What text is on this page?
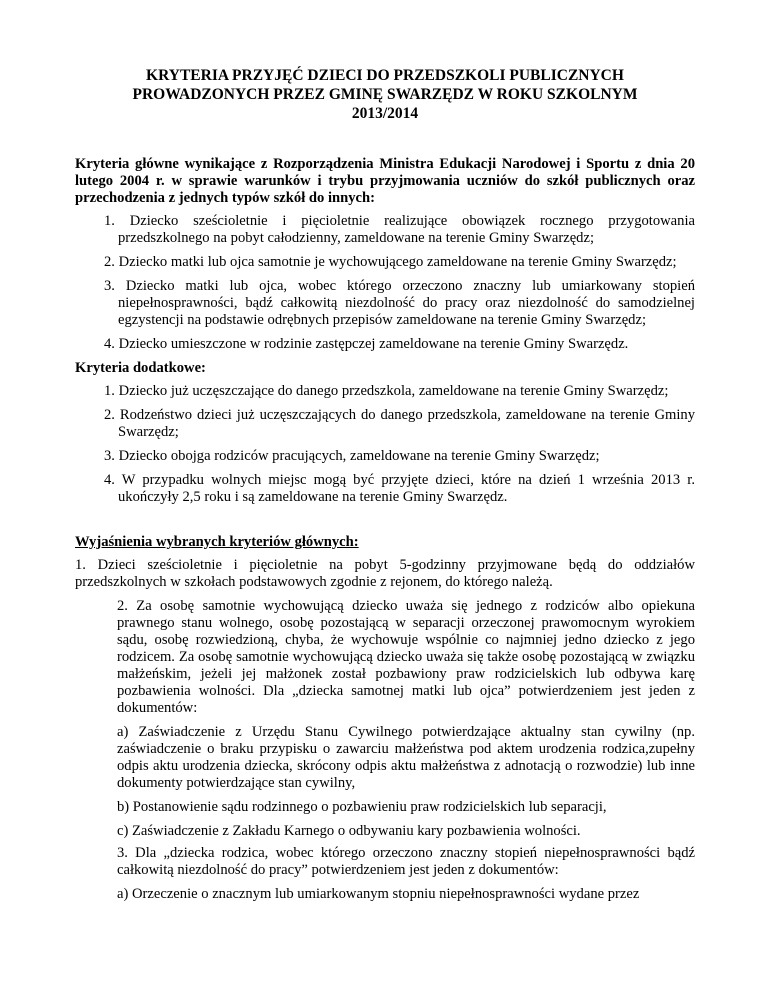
KRYTERIA PRZYJĘĆ DZIECI DO PRZEDSZKOLI PUBLICZNYCH
PROWADZONYCH PRZEZ GMINĘ SWARZĘDZ W ROKU SZKOLNYM
2013/2014
Kryteria główne wynikające z Rozporządzenia Ministra Edukacji Narodowej i Sportu z dnia 20 lutego 2004 r. w sprawie warunków i trybu przyjmowania uczniów do szkół publicznych oraz przechodzenia z jednych typów szkół do innych:
1. Dziecko sześcioletnie i pięcioletnie realizujące obowiązek rocznego przygotowania przedszkolnego na pobyt całodzienny, zameldowane na terenie Gminy Swarzędz;
2. Dziecko matki lub ojca samotnie je wychowującego zameldowane na terenie Gminy Swarzędz;
3. Dziecko matki lub ojca, wobec którego orzeczono znaczny lub umiarkowany stopień niepełnosprawności, bądź całkowitą niezdolność do pracy oraz niezdolność do samodzielnej egzystencji na podstawie odrębnych przepisów zameldowane na terenie Gminy Swarzędz;
4. Dziecko umieszczone w rodzinie zastępczej zameldowane na terenie Gminy Swarzędz.
Kryteria dodatkowe:
1. Dziecko już uczęszczające do danego przedszkola, zameldowane na terenie Gminy Swarzędz;
2. Rodzeństwo dzieci już uczęszczających do danego przedszkola, zameldowane na terenie Gminy Swarzędz;
3. Dziecko obojga rodziców pracujących, zameldowane na terenie Gminy Swarzędz;
4. W przypadku wolnych miejsc mogą być przyjęte dzieci, które na dzień 1 września 2013 r. ukończyły 2,5 roku i są zameldowane na terenie Gminy Swarzędz.
Wyjaśnienia wybranych kryteriów głównych:
1. Dzieci sześcioletnie i pięcioletnie na pobyt 5-godzinny przyjmowane będą do oddziałów przedszkolnych w szkołach podstawowych zgodnie z rejonem, do którego należą.
2. Za osobę samotnie wychowującą dziecko uważa się jednego z rodziców albo opiekuna prawnego stanu wolnego, osobę pozostającą w separacji orzeczonej prawomocnym wyrokiem sądu, osobę rozwiedzioną, chyba, że wychowuje wspólnie co najmniej jedno dziecko z jego rodzicem. Za osobę samotnie wychowującą dziecko uważa się także osobę pozostającą w związku małżeńskim, jeżeli jej małżonek został pozbawiony praw rodzicielskich lub odbywa karę pozbawienia wolności. Dla „dziecka samotnej matki lub ojca” potwierdzeniem jest jeden z dokumentów:
a) Zaświadczenie z Urzędu Stanu Cywilnego potwierdzające aktualny stan cywilny (np. zaświadczenie o braku przypisku o zawarciu małżeństwa pod aktem urodzenia rodzica,zupełny odpis aktu urodzenia dziecka, skrócony odpis aktu małżeństwa z adnotacją o rozwodzie) lub inne dokumenty potwierdzające stan cywilny,
b) Postanowienie sądu rodzinnego o pozbawieniu praw rodzicielskich lub separacji,
c) Zaświadczenie z Zakładu Karnego o odbywaniu kary pozbawienia wolności.
3. Dla „dziecka rodzica, wobec którego orzeczono znaczny stopień niepełnosprawności bądź całkowitą niezdolność do pracy” potwierdzeniem jest jeden z dokumentów:
a) Orzeczenie o znacznym lub umiarkowanym stopniu niepełnosprawności wydane przez
